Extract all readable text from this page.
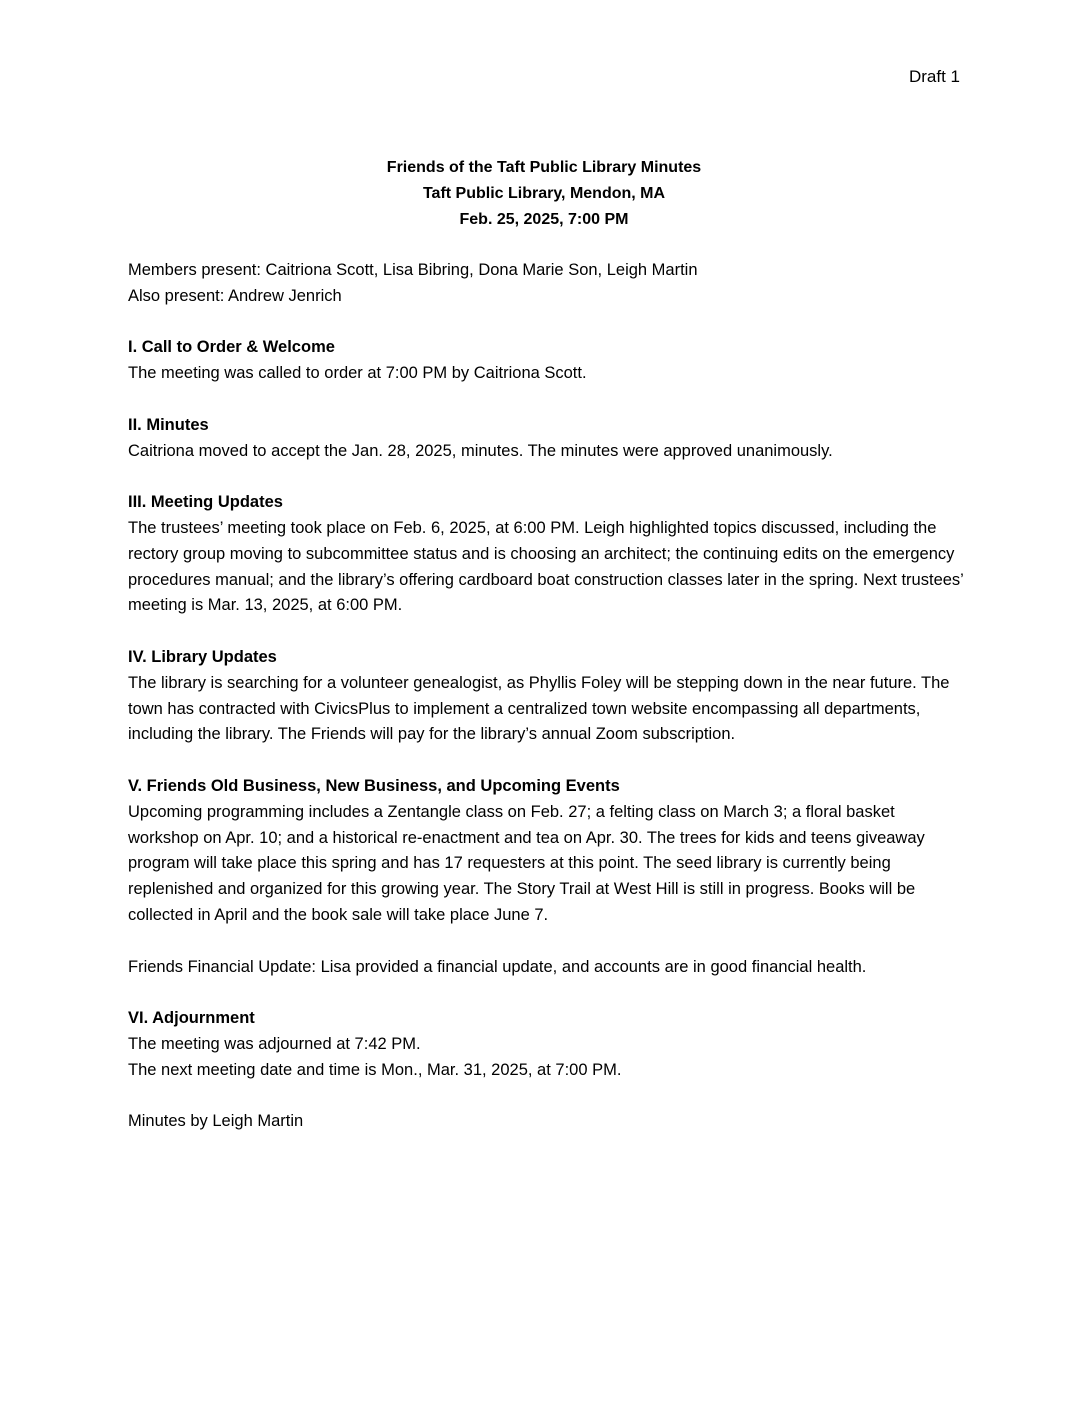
Draft 1
Friends of the Taft Public Library Minutes
Taft Public Library, Mendon, MA
Feb. 25, 2025, 7:00 PM

Members present: Caitriona Scott, Lisa Bibring, Dona Marie Son, Leigh Martin

Also present: Andrew Jenrich

I. Call to Order & Welcome

The meeting was called to order at 7:00 PM by Caitriona Scott.

II. Minutes

Caitriona moved to accept the Jan. 28, 2025, minutes. The minutes were approved unanimously.

III. Meeting Updates

The trustees’ meeting took place on Feb. 6, 2025, at 6:00 PM. Leigh highlighted topics discussed, including the rectory group moving to subcommittee status and is choosing an architect; the continuing edits on the emergency procedures manual; and the library’s offering cardboard boat construction classes later in the spring. Next trustees’ meeting is Mar. 13, 2025, at 6:00 PM.

IV. Library Updates

The library is searching for a volunteer genealogist, as Phyllis Foley will be stepping down in the near future. The town has contracted with CivicsPlus to implement a centralized town website encompassing all departments, including the library. The Friends will pay for the library’s annual Zoom subscription.

V. Friends Old Business, New Business, and Upcoming Events

Upcoming programming includes a Zentangle class on Feb. 27; a felting class on March 3; a floral basket workshop on Apr. 10; and a historical re-enactment and tea on Apr. 30. The trees for kids and teens giveaway program will take place this spring and has 17 requesters at this point. The seed library is currently being replenished and organized for this growing year. The Story Trail at West Hill is still in progress. Books will be collected in April and the book sale will take place June 7.

Friends Financial Update: Lisa provided a financial update, and accounts are in good financial health.

VI. Adjournment

The meeting was adjourned at 7:42 PM.

The next meeting date and time is Mon., Mar. 31, 2025, at 7:00 PM.

Minutes by Leigh Martin
